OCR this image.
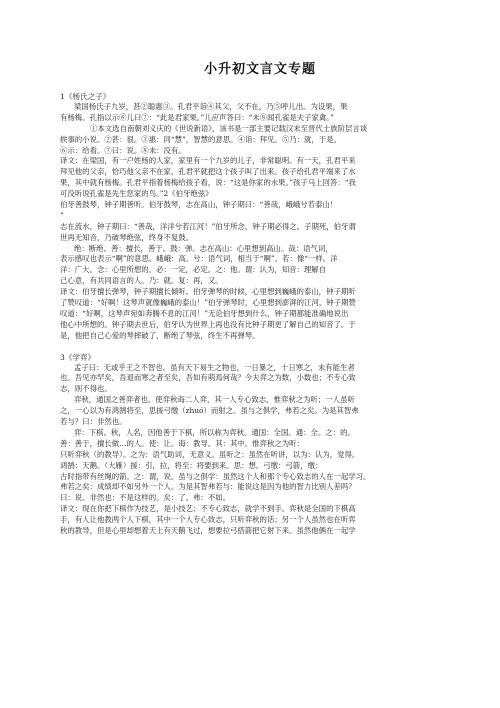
小升初文言文专题
1《杨氏之子》
梁国杨氏子九岁，甚②聪惠③。孔君平诣④其父，父不在，乃⑤呼儿出。为设果，果
有杨梅。孔指以示⑥儿曰⑦：“此是君家果。”儿应声答曰：“未⑧闻孔雀是夫子家禽。”
①本文选自南朝刘义庆的《世说新语》，该书是一部主要记载汉末至晋代士族阶层言谈
轶事的小说。②甚：很。③惠：同“慧”，智慧的意思。④诣：拜见。⑤乃：就，于是。
⑥示：给看。⑦曰：说。⑧未：没有。
译文：在梁国，有一户姓杨的人家，家里有一个九岁的儿子，非常聪明。有一天，孔君平来
拜见他的父亲，恰巧他父亲不在家，孔君平就把这个孩子叫了出来。孩子给孔君平端来了水
果，其中就有杨梅。孔君平指着杨梅给孩子看，说：“这是你家的水果。”孩子马上回答：“我
可没听说孔雀是先生您家的鸟。”2《伯牙绝弦》
伯牙善鼓琴，钟子期善听。伯牙鼓琴，志在高山，钟子期曰：“善哉，峨峨兮若泰山！
”
志在流水，钟子期曰：“善哉，洋洋兮若江河！”伯牙所念，钟子期必得之。子期死，伯牙谓
世再无知音，乃破琴绝弦，终身不复鼓。
绝：断绝。善：擅长，善于。鼓：弹。志在高山：心里想到高山。哉：语气词，
表示感叹也表示“啊”的意思。峨峨：高。兮：语气词，相当于“啊”。若：像“一样。洋
洋：广大。念：心里所想的。必：一定，必定。之：他。谓：认为，知音：理解自
己心意，有共同语言的人。乃：就。复：再，又。
译文：伯牙擅长弹琴，钟子期擅长倾听。伯牙弹琴的时候，心里想到巍峨的泰山，钟子期听
了赞叹道：“好啊！这琴声就像巍峨的泰山！”伯牙弹琴时，心里想到澎湃的江河，钟子期赞
叹道：“好啊，这琴声宛如奔腾不息的江河！”无论伯牙想到什么，钟子期都能准确地说出
他心中所想的。钟子期去世后，伯牙认为世界上再也没有比钟子期更了解自己的知音了。于
是，他把自己心爱的琴摔破了，断绝了琴弦，终生不再弹琴。
3《学弈》
孟子曰：无或乎王之不智也。虽有天下易生之物也，一日暴之，十日寒之，未有能生者
也。吾见亦罕矣，吾退而寒之者至矣，吾如有萌焉何哉？今夫弈之为数，小数也；不专心致
志，则不得也。
弈秋，通国之善弈者也。使弈秋诲二人弈，其一人专心致志，惟弈秋之为听；一人虽听
之，一心以为有鸿鹄将至，思援弓缴（zhuó）而射之。虽与之俱学，弗若之矣。为是其智弗
若与？曰：非然也。
弈：下棋。秋，人名，因他善于下棋，所以称为弈秋。通国：全国。通：全。之：的。
善：善于，擅长做…的人。使：让。诲：教导。其：其中。惟弈秋之为听：
只听弈秋（的教导）。之为：语气助词，无意义。虽听之：虽然在听讲，以为：认为，觉得。
鸿鹄：天鹅。（大雁）援：引，拉，将至：将要到来。思：想。弓缴：弓箭，缴：
古时指带有丝绳的箭。之：谓，说。虽与之俱学：虽然这个人和那个专心致志的人在一起学习。
弗若之矣：成绩却不如另外一个人。为是其智弗若与：能说这是因为他的智力比别人差吗？
曰：说。非然也：不是这样的。矣：了。弗：不如。
译文：现在你把下棋作为技艺，是小技艺；不专心致志，就学不到手。弈秋是全国的下棋高
手，有人让他教两个人下棋，其中一个人专心致志，只听弈秋的话；另一个人虽然也在听弈
秋的教导，但是心里却想着天上有天鹅飞过，想要拉弓搭箭把它射下来。虽然他俩在一起学
